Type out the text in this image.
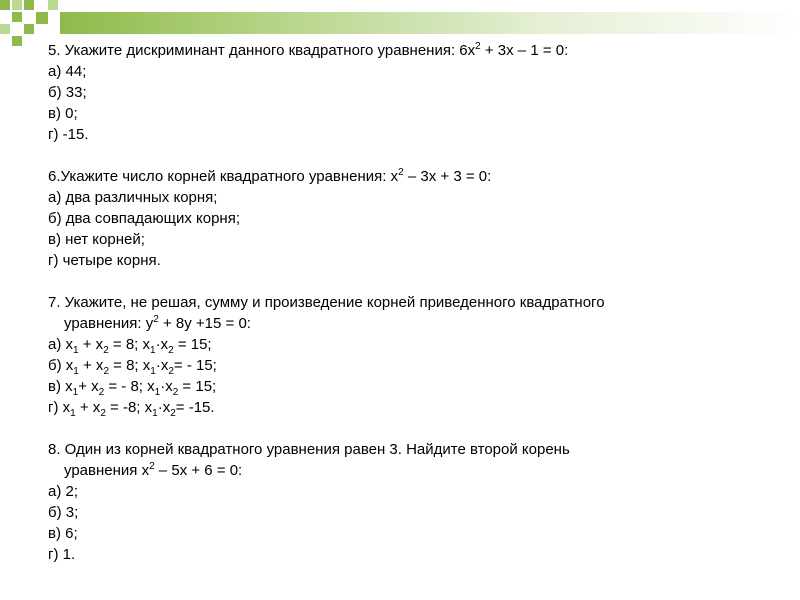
5. Укажите дискриминант данного квадратного уравнения: $6х^2 + 3х - 1 = 0$:

а) 44;

б) 33;

в) 0;

г) -15.

6.Укажите число корней квадратного уравнения: $х^2 - 3х + 3 = 0$:

а) два различных корня;

б) два совпадающих корня;

в) нет корней;

г) четыре корня.

7. Укажите, не решая, сумму и произведение корней приведенного квадратного

уравнения: $у^2 + 8у +15 = 0$:

а) $х_1 + х_2 = 8$; $х_1\cdot х_2 = 15$;

б) $х_1 + х_2 = 8$; $х_1\cdot х_2= - 15$;

в) $х_1+ х_2$ = - 8; $х_1\cdot х_2 = 15$;

г) $х_1 + х_2 = -8$; $х_1\cdot х_2= -15$.

8. Один из корней квадратного уравнения равен 3. Найдите второй корень

уравнения $х^2 - 5х + 6 = 0$:

а) 2;

б) 3;

в) 6;

г) 1.
